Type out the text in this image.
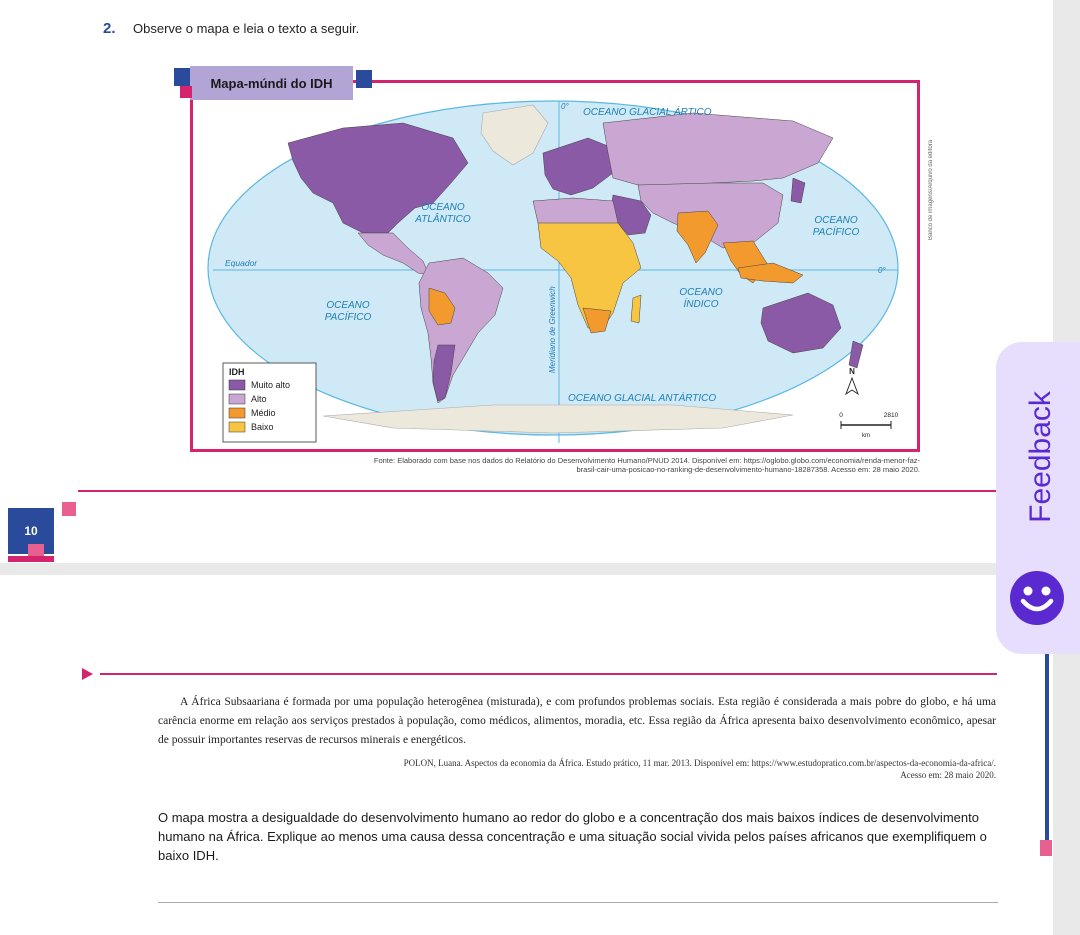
2. Observe o mapa e leia o texto a seguir.
OCEANO GLACIAL ÁRTICO
OCEANO
ATLÂNTICO	OCEANO
PACÍFICO
OCEANO
PACÍFICO
OCEANO
ÍNDICO
OCEANO GLACIAL ANTÁRTICO
Equador
0°
0°
Meridiano de Greenwich
IDH
Muito alto
Alto
Médio
Baixo
N
0	2810
km
Mapa-múndi do IDH
Banco de imagens/Arquivo da editora
Fonte: Elaborado com base nos dados do Relatório do Desenvolvimento Humano/PNUD 2014. Disponível em: https://oglobo.globo.com/economia/renda-menor-faz-
brasil-cair-uma-posicao-no-ranking-de-desenvolvimento-humano-18287358. Acesso em: 28 maio 2020.
10

A África Subsaariana é formada por uma população heterogênea (misturada), e com profundos problemas sociais. Esta região é considerada a mais pobre do globo, e há uma carência enorme em relação aos serviços prestados à população, como médicos, alimentos, moradia, etc. Essa região da África apresenta baixo desenvolvimento econômico, apesar de possuir importantes reservas de recursos minerais e energéticos.

POLON, Luana. Aspectos da economia da África. Estudo prático, 11 mar. 2013. Disponível em: https://www.estudopratico.com.br/aspectos-da-economia-da-africa/.
Acesso em: 28 maio 2020.
O mapa mostra a desigualdade do desenvolvimento humano ao redor do globo e a concentração dos mais baixos índices de desenvolvimento humano na África. Explique ao menos uma causa dessa concentração e uma situação social vivida pelos países africanos que exemplifiquem o baixo IDH.
Feedback
